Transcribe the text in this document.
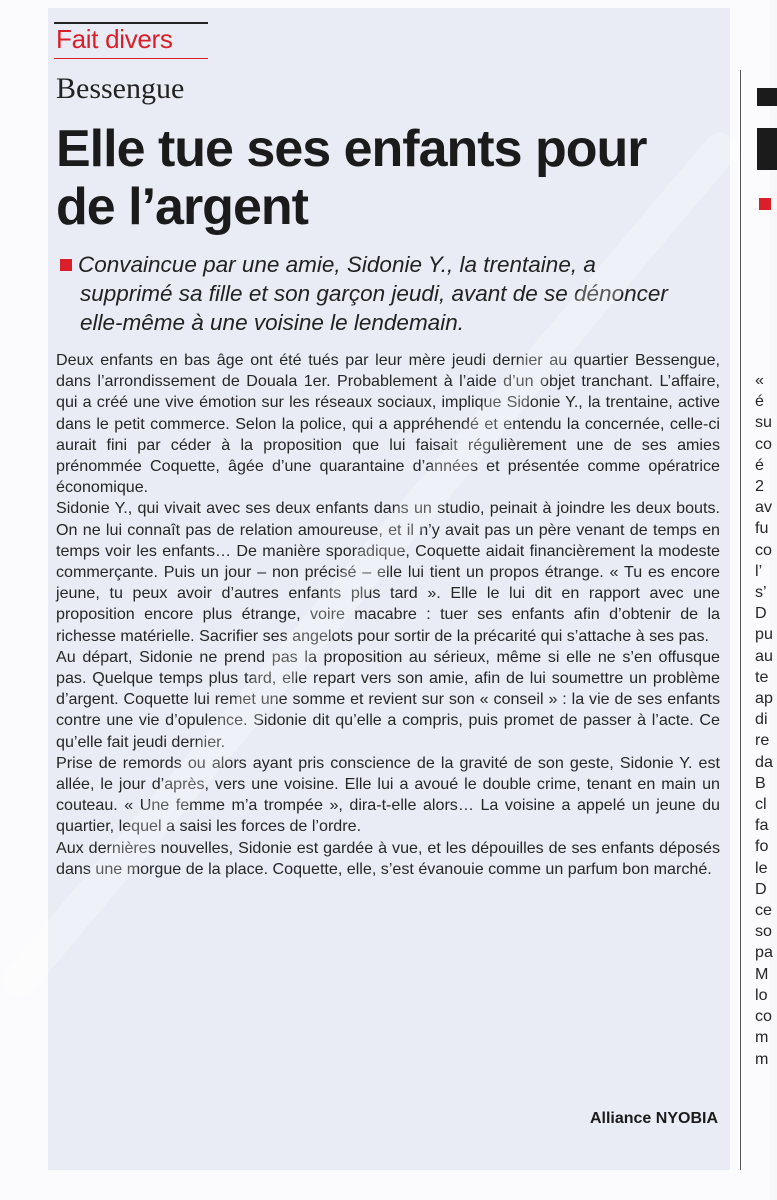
Fait divers
Bessengue
Elle tue ses enfants pour de l’argent
Convaincue par une amie, Sidonie Y., la trentaine, a
supprimé sa fille et son garçon jeudi, avant de se dénoncer
elle-même à une voisine le lendemain.

Deux enfants en bas âge ont été tués par leur mère jeudi dernier au quartier Bessengue, dans l’arrondissement de Douala 1er. Probablement à l’aide d’un objet tranchant. L’affaire, qui a créé une vive émotion sur les réseaux sociaux, implique Sidonie Y., la trentaine, active dans le petit commerce. Selon la police, qui a appréhendé et entendu la concernée, celle-ci aurait fini par céder à la proposition que lui faisait régulièrement une de ses amies prénommée Coquette, âgée d’une quarantaine d’années et présentée comme opératrice économique.

Sidonie Y., qui vivait avec ses deux enfants dans un studio, peinait à joindre les deux bouts. On ne lui connaît pas de relation amoureuse, et il n’y avait pas un père venant de temps en temps voir les enfants… De manière sporadique, Coquette aidait financièrement la modeste commerçante. Puis un jour – non précisé – elle lui tient un propos étrange. « Tu es encore jeune, tu peux avoir d’autres enfants plus tard ». Elle le lui dit en rapport avec une proposition encore plus étrange, voire macabre : tuer ses enfants afin d’obtenir de la richesse matérielle. Sacrifier ses angelots pour sortir de la précarité qui s’attache à ses pas.

Au départ, Sidonie ne prend pas la proposition au sérieux, même si elle ne s’en offusque pas. Quelque temps plus tard, elle repart vers son amie, afin de lui soumettre un problème d’argent. Coquette lui remet une somme et revient sur son « conseil » : la vie de ses enfants contre une vie d’opulence. Sidonie dit qu’elle a compris, puis promet de passer à l’acte. Ce qu’elle fait jeudi dernier.

Prise de remords ou alors ayant pris conscience de la gravité de son geste, Sidonie Y. est allée, le jour d’après, vers une voisine. Elle lui a avoué le double crime, tenant en main un couteau. « Une femme m’a trompée », dira-t-elle alors… La voisine a appelé un jeune du quartier, lequel a saisi les forces de l’ordre.

Aux dernières nouvelles, Sidonie est gardée à vue, et les dépouilles de ses enfants déposés dans une morgue de la place. Coquette, elle, s’est évanouie comme un parfum bon marché.

Alliance NYOBIA
«
é
su
co
é
2
av
fu
co
l’
s’
D
pu
au
te
ap
di
re
da
B
cl
fa
fo
le
D
ce
so
pa
M
lo
co
m
m
